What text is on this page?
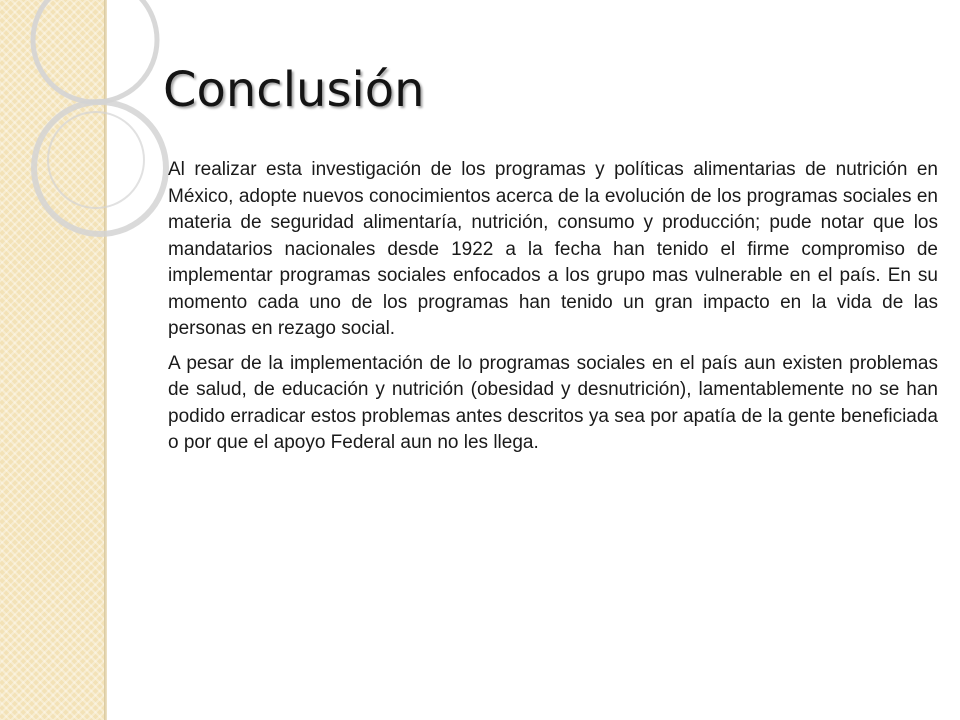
Conclusión

Al realizar esta investigación de los programas y políticas alimentarias de nutrición en México, adopte nuevos conocimientos acerca de la evolución de los programas sociales en materia de seguridad alimentaría, nutrición, consumo y producción; pude notar que los mandatarios nacionales desde 1922 a la fecha han tenido el firme compromiso de implementar programas sociales enfocados a los grupo mas vulnerable en el país. En su momento cada uno de los programas han tenido un gran impacto en la vida de las personas en rezago social.

A pesar de la implementación de lo programas sociales en el país aun existen problemas de salud, de educación y nutrición (obesidad y desnutrición), lamentablemente no se han podido erradicar estos problemas antes descritos ya sea por apatía de la gente beneficiada o por que el apoyo Federal aun no les llega.
